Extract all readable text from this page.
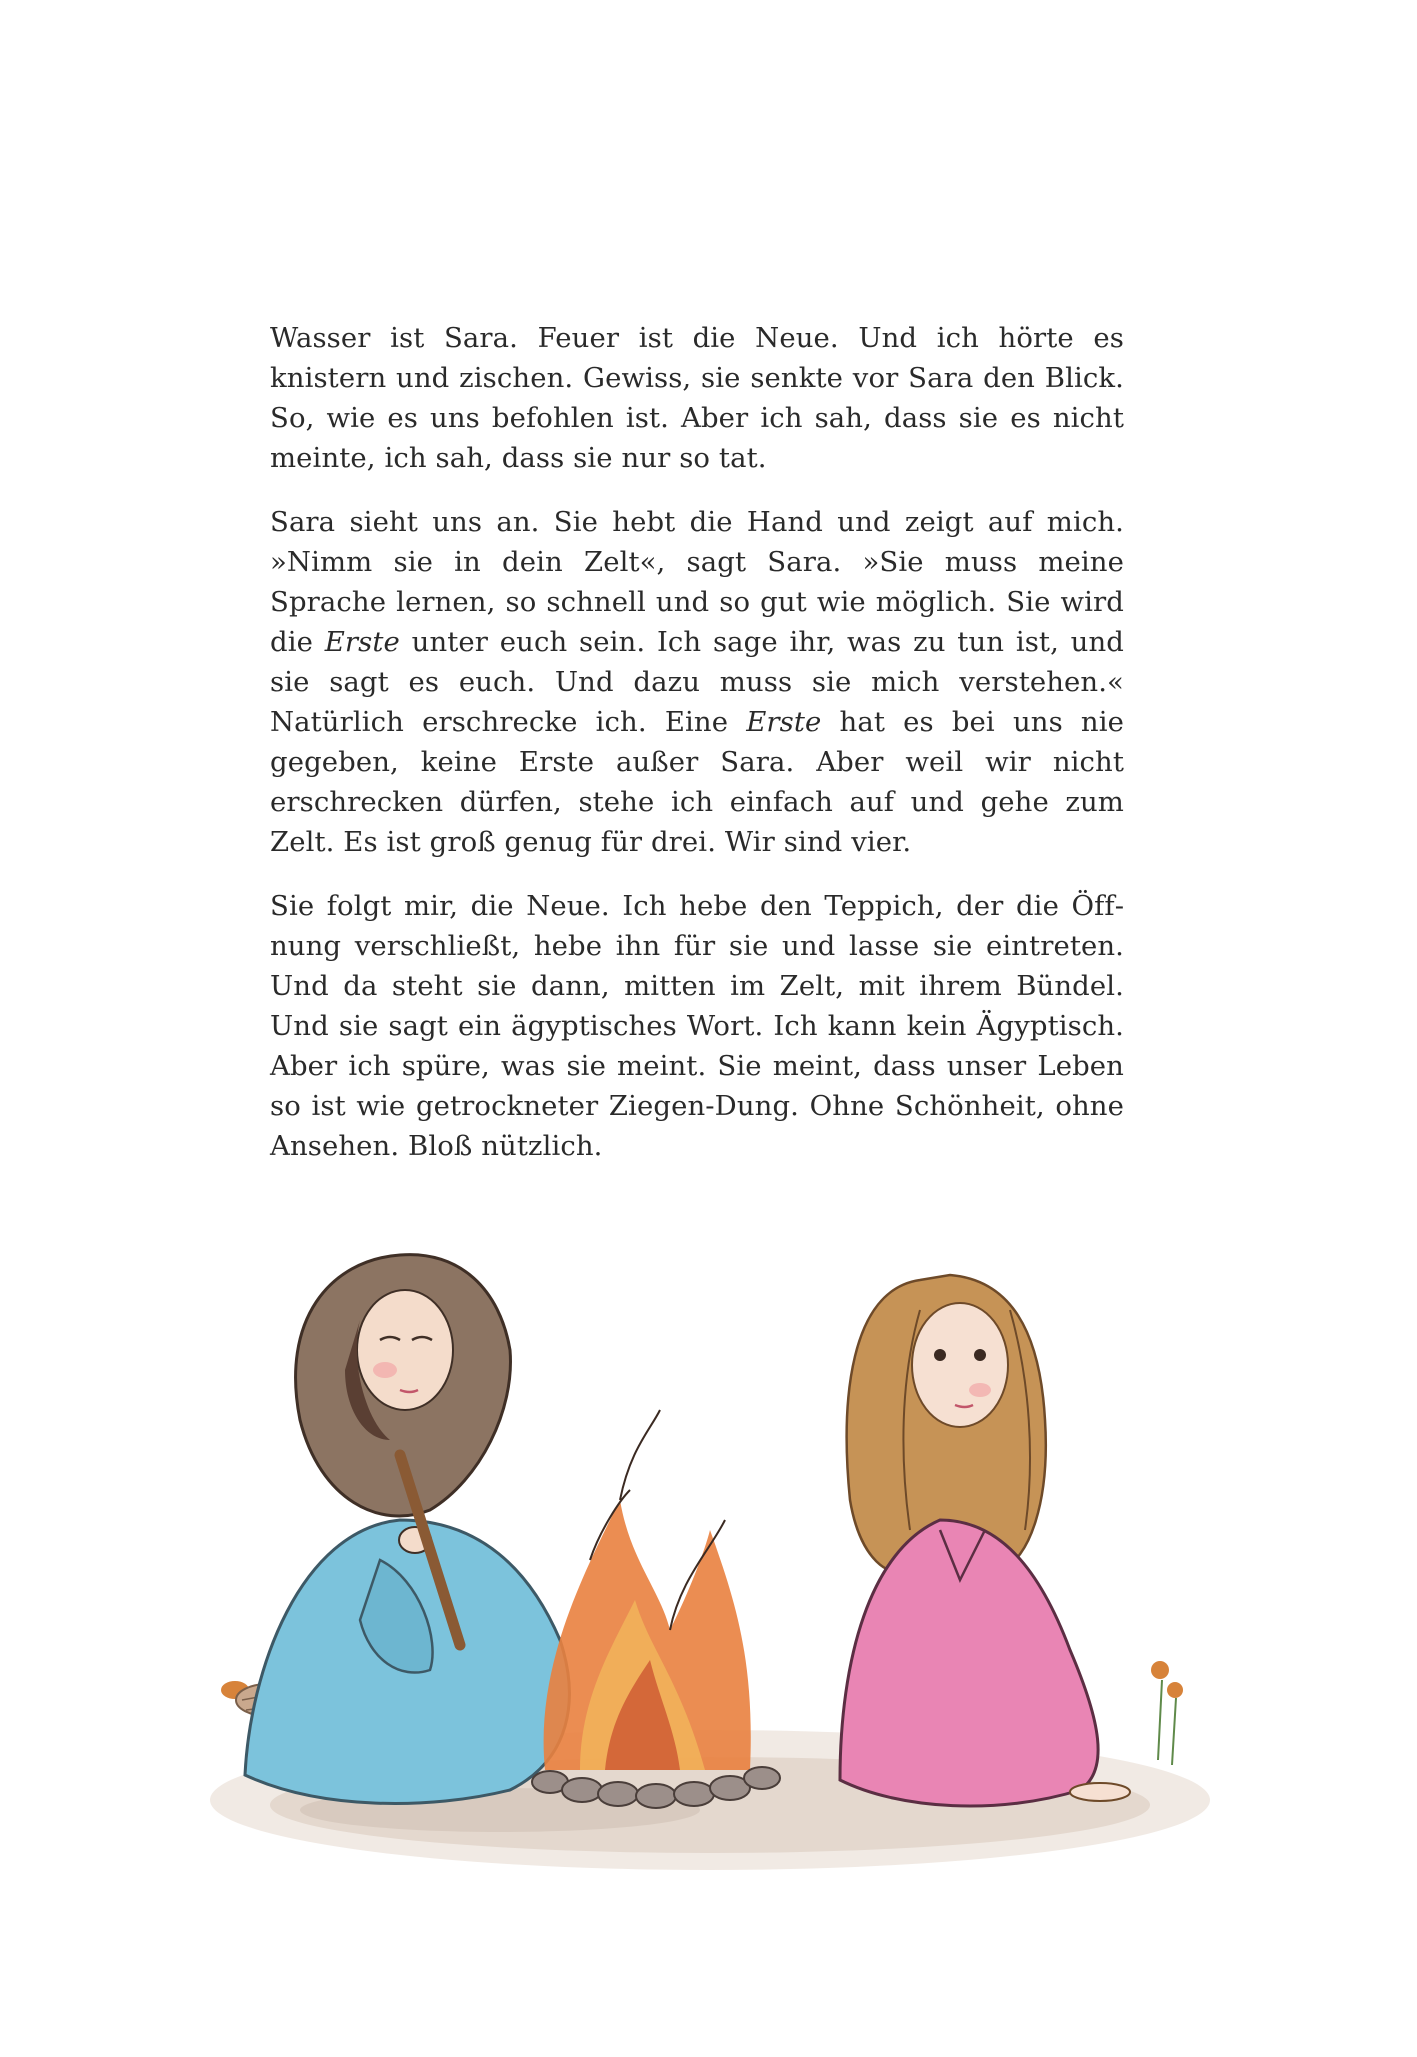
Wasser ist Sara. Feuer ist die Neue. Und ich hörte es knistern und zischen. Gewiss, sie senkte vor Sara den Blick. So, wie es uns befohlen ist. Aber ich sah, dass sie es nicht meinte, ich sah, dass sie nur so tat.

Sara sieht uns an. Sie hebt die Hand und zeigt auf mich. »Nimm sie in dein Zelt«, sagt Sara. »Sie muss meine Sprache lernen, so schnell und so gut wie möglich. Sie wird die Erste unter euch sein. Ich sage ihr, was zu tun ist, und sie sagt es euch. Und dazu muss sie mich verstehen.« Natürlich erschrecke ich. Eine Erste hat es bei uns nie gegeben, keine Erste außer Sara. Aber weil wir nicht erschrecken dürfen, stehe ich einfach auf und gehe zum Zelt. Es ist groß genug für drei. Wir sind vier.

Sie folgt mir, die Neue. Ich hebe den Teppich, der die Öffnung verschließt, hebe ihn für sie und lasse sie eintreten. Und da steht sie dann, mitten im Zelt, mit ihrem Bündel. Und sie sagt ein ägyptisches Wort. Ich kann kein Ägyptisch. Aber ich spüre, was sie meint. Sie meint, dass unser Leben so ist wie getrockneter Ziegen-Dung. Ohne Schönheit, ohne Ansehen. Bloß nützlich.
